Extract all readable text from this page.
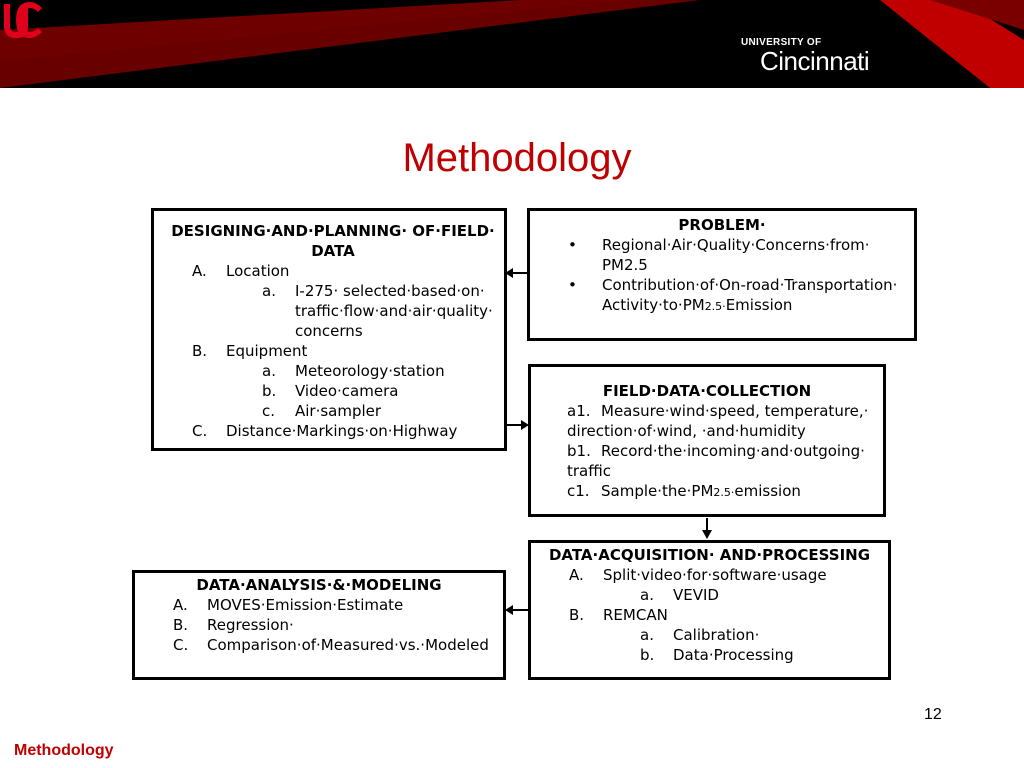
UNIVERSITY OF
Cincinnati
Methodology
DESIGNING·AND·PLANNING· OF·FIELD·
DATA
A. Location
a. I-275· selected·based·on·
traffic·flow·and·air·quality·
concerns
B. Equipment
a. Meteorology·station
b. Video·camera
c. Air·sampler
C. Distance·Markings·on·Highway
PROBLEM·
• Regional·Air·Quality·Concerns·from·
PM2.5
• Contribution·of·On-road·Transportation·
Activity·to·PM2.5·Emission
FIELD·DATA·COLLECTION
a1. Measure·wind·speed, temperature,·
direction·of·wind, ·and·humidity
b1. Record·the·incoming·and·outgoing·
traffic
c1. Sample·the·PM2.5·emission
DATA·ACQUISITION· AND·PROCESSING
A. Split·video·for·software·usage
a. VEVID
B. REMCAN
a. Calibration·
b. Data·Processing
DATA·ANALYSIS·&·MODELING
A. MOVES·Emission·Estimate
B. Regression·
C. Comparison·of·Measured·vs.·Modeled
12
Methodology
